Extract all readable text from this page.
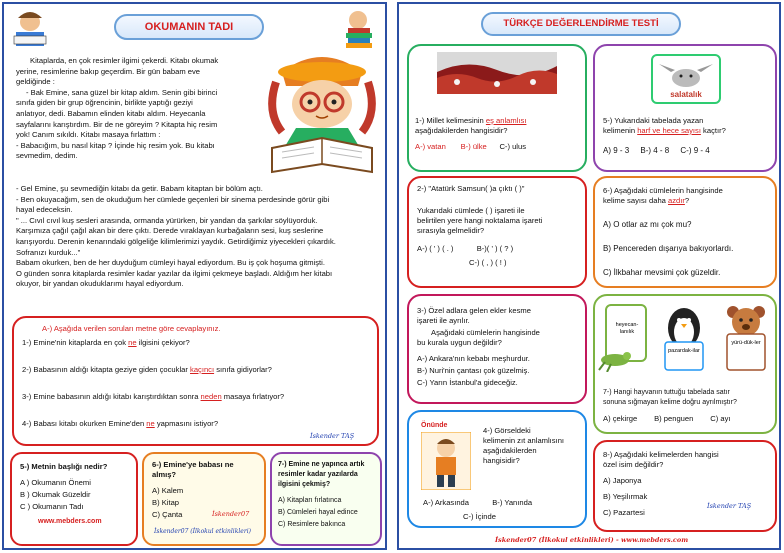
OKUMANIN TADI
Kitaplarda, en çok resimler ilgimi çekerdi. Kitabı okumak
yerine, resimlerine bakıp geçerdim. Bir gün babam eve
geldiğinde :
- Bak Emine, sana güzel bir kitap aldım. Senin gibi birinci
sınıfa giden bir grup öğrencinin, birlikte yaptığı geziyi
anlatıyor, dedi. Babamın elinden kitabı aldım. Heyecanla
sayfalarını karıştırdım. Bir de ne göreyim ? Kitapta hiç resim
yok! Canım sıkıldı. Kitabı masaya fırlattım :
- Babacığım, bu nasıl kitap ? İçinde hiç resim yok. Bu kitabı
sevmedim, dedim.
- Gel Emine, şu sevmediğin kitabı da getir. Babam kitaptan bir bölüm açtı.
- Ben okuyacağım, sen de okuduğum her cümlede geçenleri bir sinema perdesinde görür gibi
hayal edeceksin.
" ... Cıvıl cıvıl kuş sesleri arasında, ormanda yürürken, bir yandan da şarkılar söylüyorduk.
Karşımıza çağıl çağıl akan bir dere çıktı. Derede vıraklayan kurbağaların sesi, kuş seslerine
karışıyordu. Derenin kenarındaki gölgeliğe kilimlerimizi yaydık. Getirdiğimiz yiyecekleri çıkardık.
Sofranızı kurduk..."
Babam okurken, ben de her duyduğum cümleyi hayal ediyordum. Bu iş çok hoşuma gitmişti.
O günden sonra kitaplarda resimler kadar yazılar da ilgimi çekmeye başladı. Aldığım her kitabı
okuyor, bir yandan okuduklarımı hayal ediyordum.
A-) Aşağıda verilen soruları metne göre cevaplayınız.
1-) Emine'nin kitaplarda en çok ne ilgisini çekiyor?
2-) Babasının aldığı kitapta geziye giden çocuklar kaçıncı sınıfa gidiyorlar?
3-) Emine babasının aldığı kitabı karıştırdıktan sonra neden masaya fırlatıyor?
4-) Babası kitabı okurken Emine'den ne yapmasını istiyor?
İskender TAŞ
5-) Metnin başlığı nedir?
A ) Okumanın Önemi
B ) Okumak Güzeldir
C ) Okumanın Tadı
www.mebders.com
6-) Emine'ye babası ne
almış?
A) Kalem
B) Kitap
C) Çanta	İskender07
İskender07 (İlkokul etkinlikleri)
7-) Emine ne yapınca artık
resimler kadar yazılarda
ilgisini çekmiş?
A) Kitapları fırlatınca
B) Cümleleri hayal edince
C) Resimlere bakınca
TÜRKÇE DEĞERLENDİRME TESTİ
1-) Millet kelimesinin eş anlamlısı
aşağıdakilerden hangisidir?
A-) vatan B-) ülke C-) ulus
salatalık
5-) Yukarıdaki tabelada yazan
kelimenin harf ve hece sayısı kaçtır?
A) 9 - 3 B-) 4 - 8 C-) 9 - 4
2-) "Atatürk Samsun( )a çıktı ( )"
Yukarıdaki cümlede ( ) işareti ile
belirtilen yere hangi noktalama işareti
sırasıyla gelmelidir?
A-) ( ' ) ( . )	B-)( ' ) ( ? )
C-) ( , ) ( ! )
6-) Aşağıdaki cümlelerin hangisinde
kelime sayısı daha azdır?
A) O otlar az mı çok mu?
B) Pencereden dışarıya bakıyorlardı.
C) İlkbahar mevsimi çok güzeldir.
3-) Özel adlara gelen ekler kesme
işareti ile ayrılır.
Aşağıdaki cümlelerin hangisinde
bu kurala uygun değildir?
A-) Ankara'nın kebabı meşhurdur.
B-) Nuri'nin çantası çok güzelmiş.
C-) Yarın İstanbul'a gideceğiz.
heyecan-lanılık
pazardak-ilar
yürü-dük-ler
7-) Hangi hayvanın tuttuğu tabelada satır
sonuna sığmayan kelime doğru ayrılmıştır?
A) çekirge B) penguen C) ayı
Önünde
4-) Görseldeki
kelimenin zıt anlamlısını
aşağıdakilerden
hangisidir?
A-) Arkasında	B-) Yanında
C-) İçinde
8-) Aşağıdaki kelimelerden hangisi
özel isim değildir?
A) Japonya
B) Yeşilırmak
C) Pazartesi
İskender TAŞ
İskender07 (İlkokul etkinlikleri) - www.mebders.com
